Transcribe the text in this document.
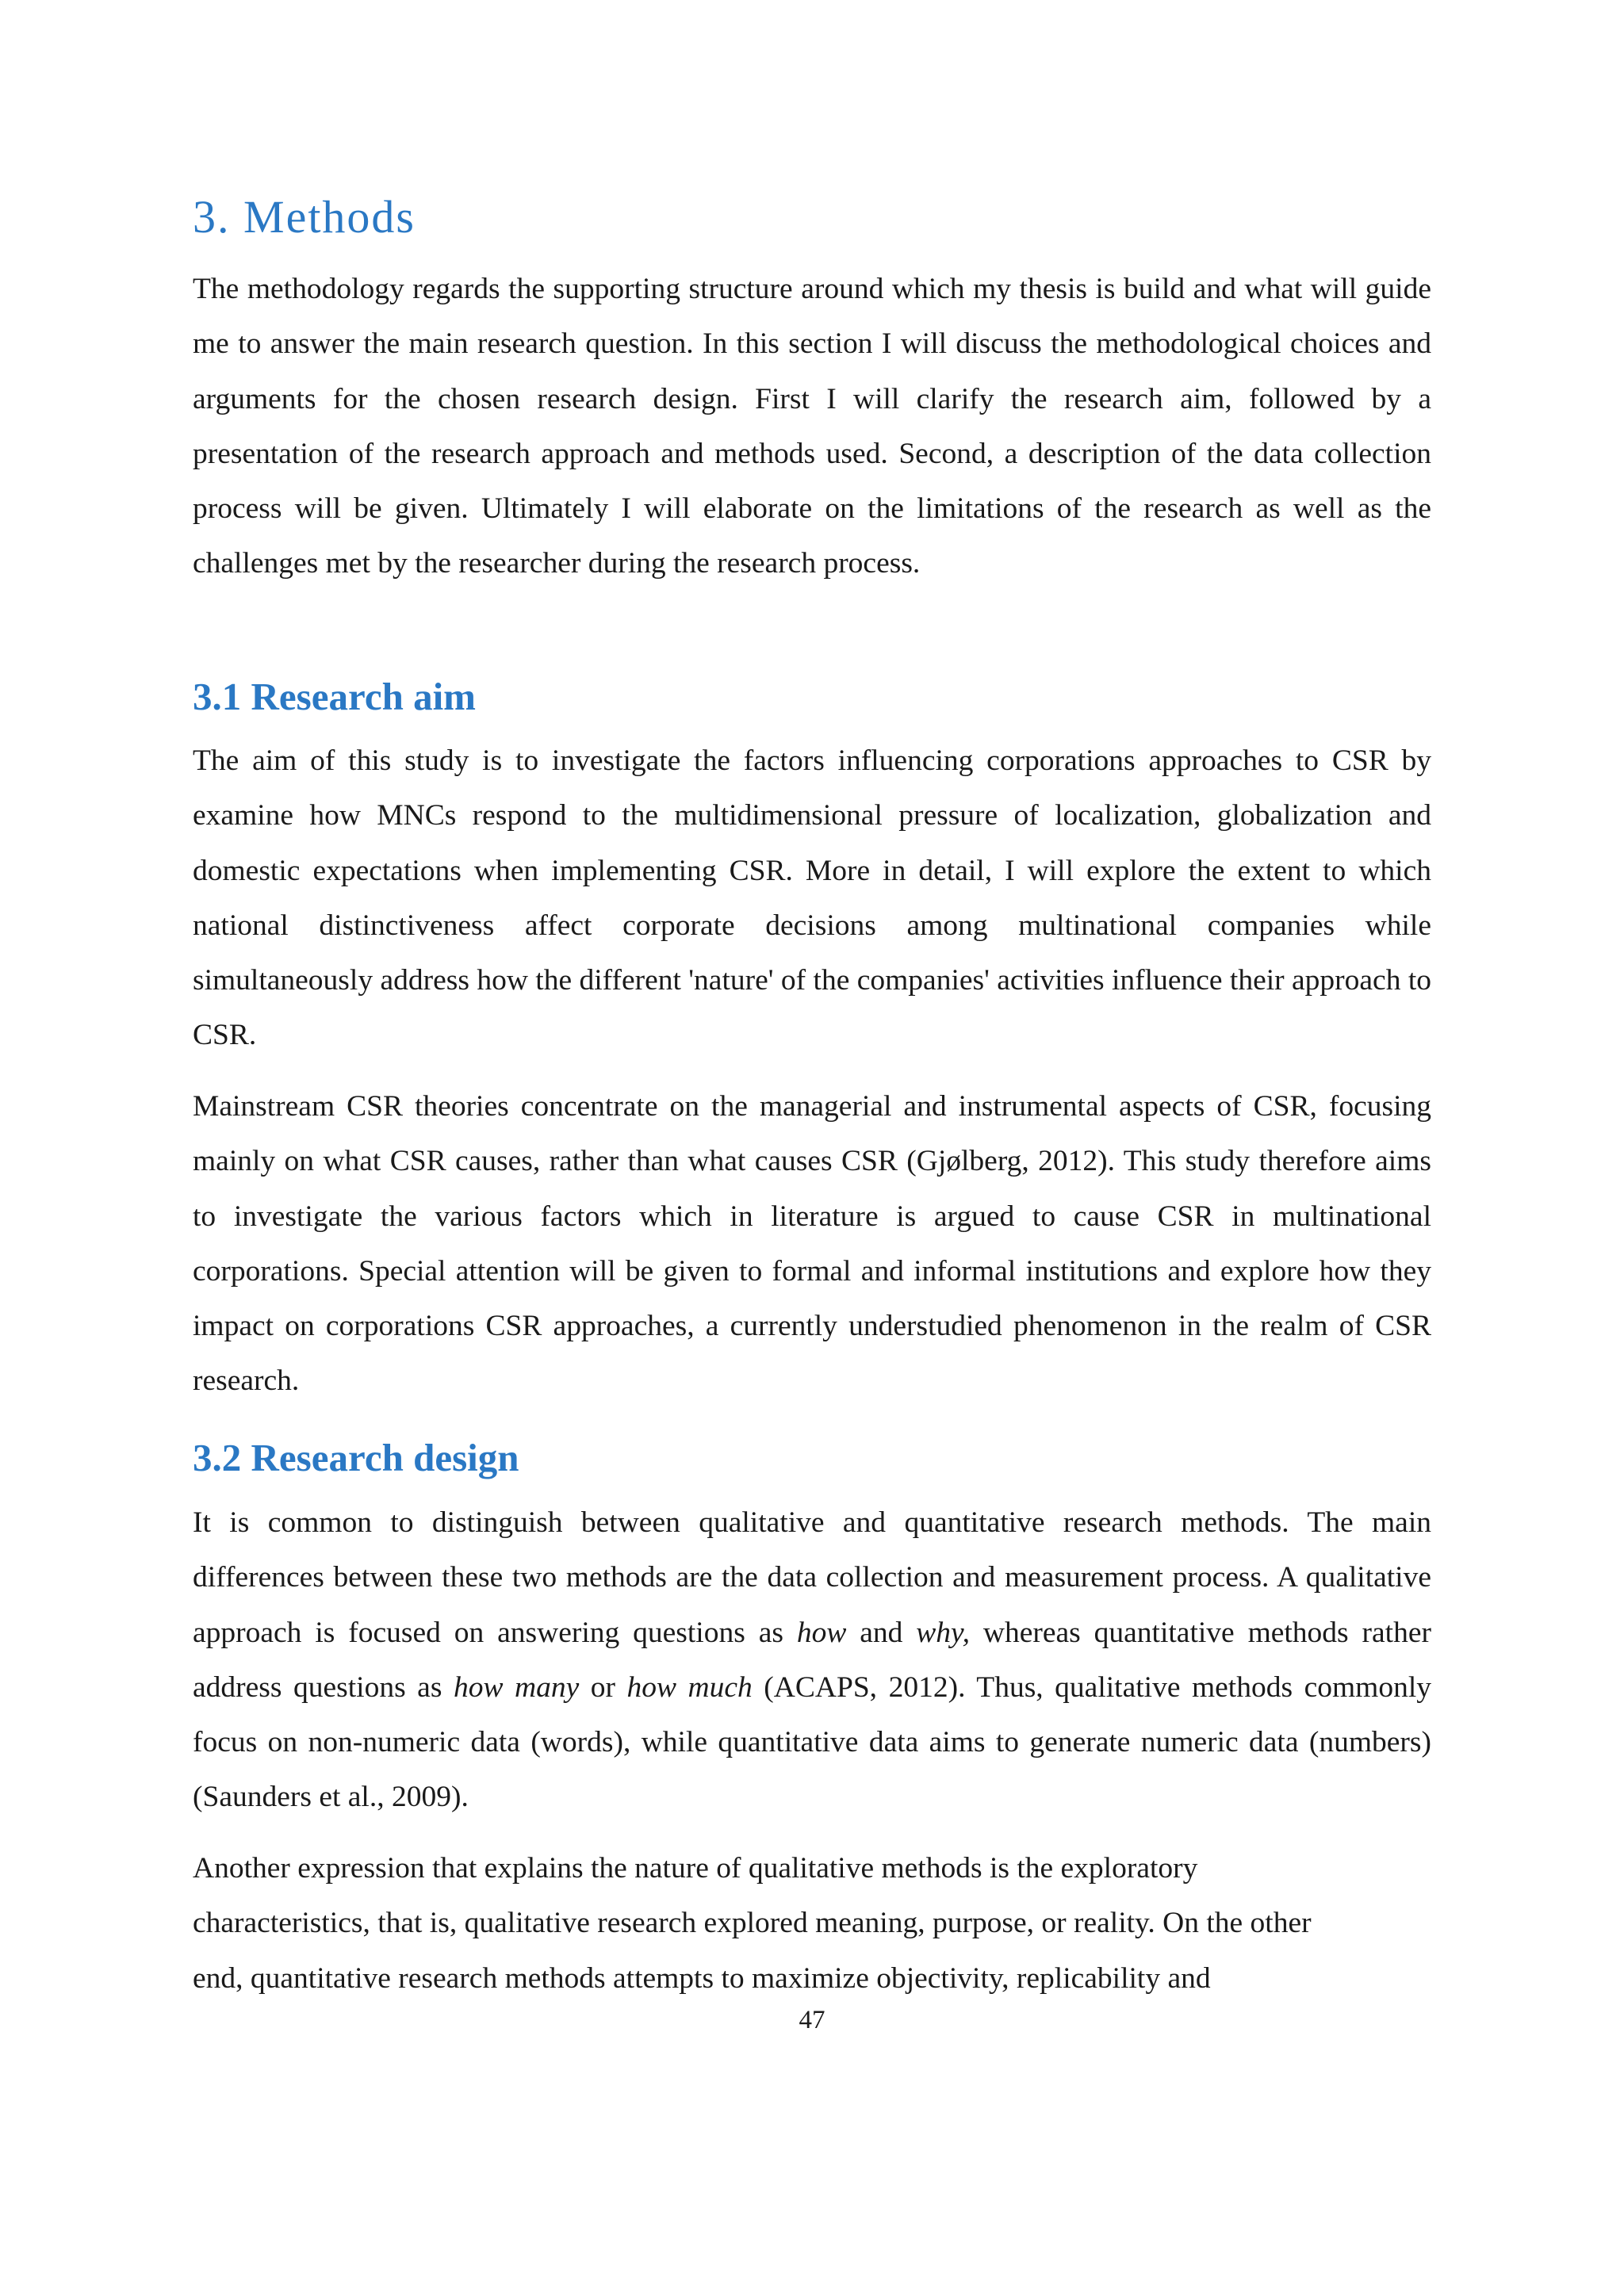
3. Methods

The methodology regards the supporting structure around which my thesis is build and what will guide me to answer the main research question. In this section I will discuss the methodological choices and arguments for the chosen research design. First I will clarify the research aim, followed by a presentation of the research approach and methods used. Second, a description of the data collection process will be given. Ultimately I will elaborate on the limitations of the research as well as the challenges met by the researcher during the research process.

3.1 Research aim

The aim of this study is to investigate the factors influencing corporations approaches to CSR by examine how MNCs respond to the multidimensional pressure of localization, globalization and domestic expectations when implementing CSR. More in detail, I will explore the extent to which national distinctiveness affect corporate decisions among multinational companies while simultaneously address how the different 'nature' of the companies' activities influence their approach to CSR.

Mainstream CSR theories concentrate on the managerial and instrumental aspects of CSR, focusing mainly on what CSR causes, rather than what causes CSR (Gjølberg, 2012). This study therefore aims to investigate the various factors which in literature is argued to cause CSR in multinational corporations. Special attention will be given to formal and informal institutions and explore how they impact on corporations CSR approaches, a currently understudied phenomenon in the realm of CSR research.

3.2 Research design

It is common to distinguish between qualitative and quantitative research methods. The main differences between these two methods are the data collection and measurement process. A qualitative approach is focused on answering questions as how and why, whereas quantitative methods rather address questions as how many or how much (ACAPS, 2012). Thus, qualitative methods commonly focus on non-numeric data (words), while quantitative data aims to generate numeric data (numbers) (Saunders et al., 2009).

Another expression that explains the nature of qualitative methods is the exploratory
characteristics, that is, qualitative research explored meaning, purpose, or reality. On the other
end, quantitative research methods attempts to maximize objectivity, replicability and

47
